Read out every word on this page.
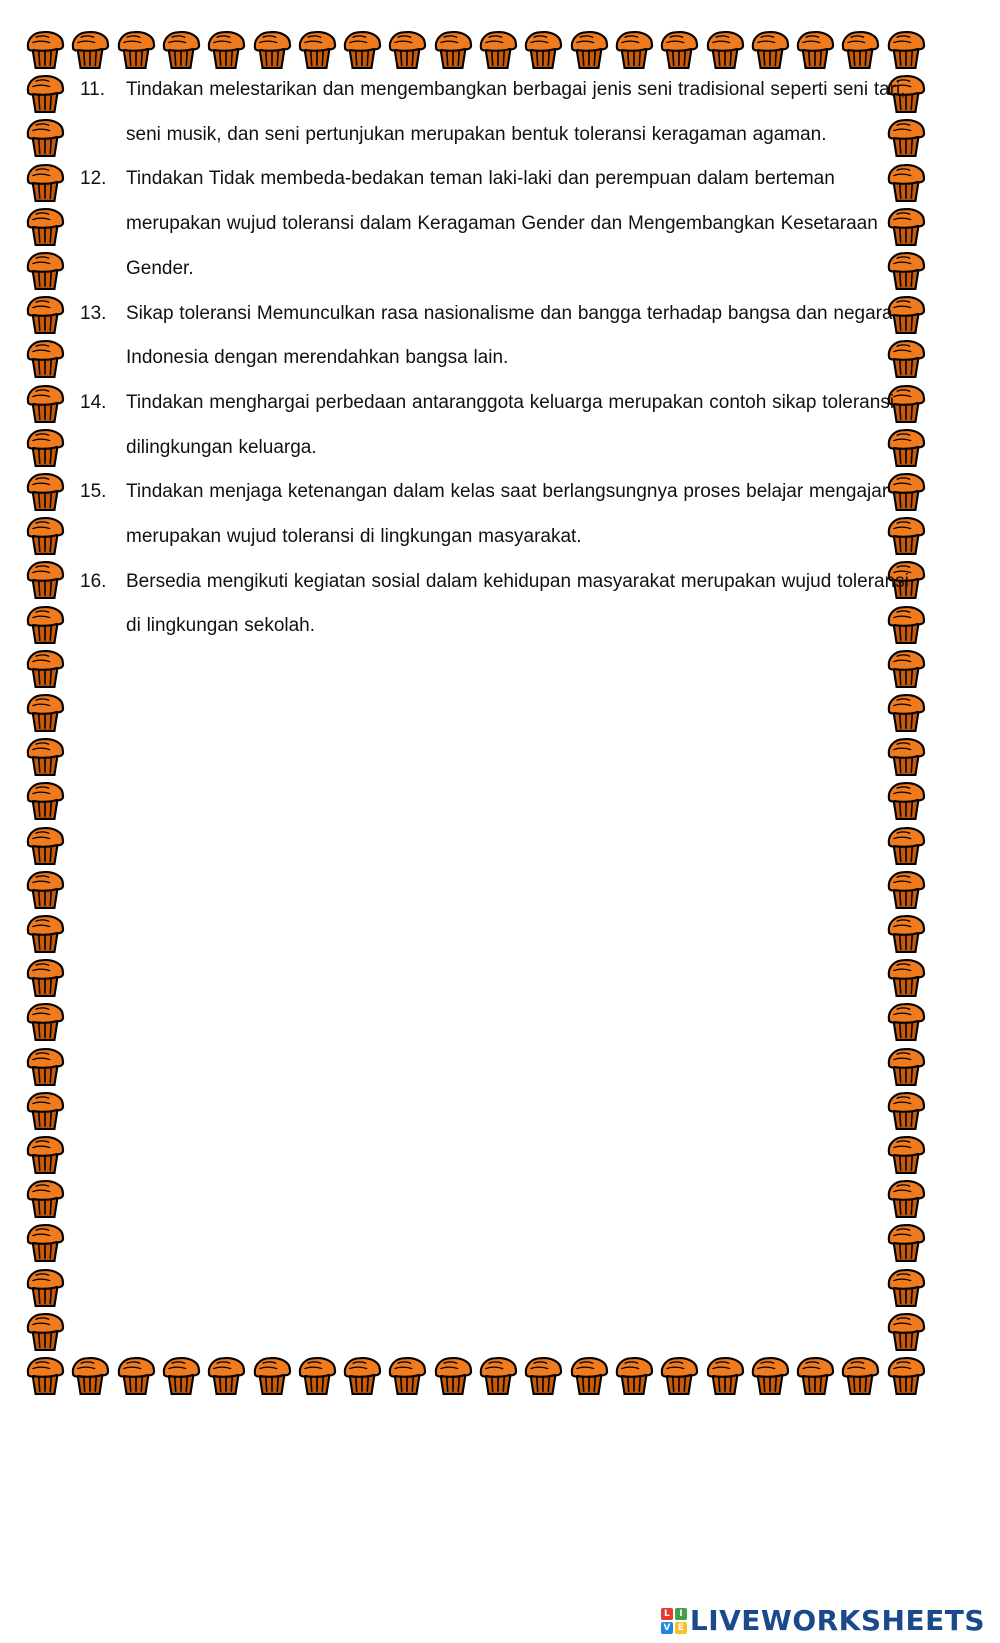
11.	Tindakan melestarikan dan mengembangkan berbagai jenis seni tradisional seperti seni tari, seni musik, dan seni pertunjukan merupakan bentuk toleransi keragaman agaman.
12.	Tindakan Tidak membeda-bedakan teman laki-laki dan perempuan dalam berteman merupakan wujud toleransi dalam Keragaman Gender dan Mengembangkan Kesetaraan Gender.
13.	Sikap toleransi Memunculkan rasa nasionalisme dan bangga terhadap bangsa dan negara Indonesia dengan merendahkan bangsa lain.
14.	Tindakan menghargai perbedaan antaranggota keluarga merupakan contoh sikap toleransi dilingkungan keluarga.
15.	Tindakan menjaga ketenangan dalam kelas saat berlangsungnya proses belajar mengajar merupakan wujud toleransi di lingkungan masyarakat.
16.	Bersedia mengikuti kegiatan sosial dalam kehidupan masyarakat merupakan wujud toleransi di lingkungan sekolah.
L	I
V E LIVEWORKSHEETS
